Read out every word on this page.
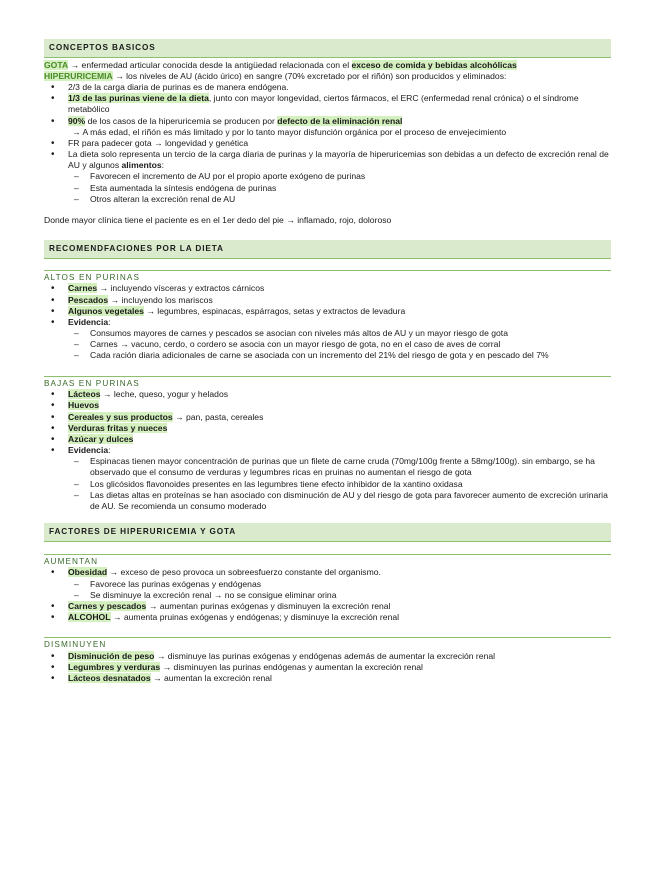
CONCEPTOS BASICOS

GOTA → enfermedad articular conocida desde la antigüedad relacionada con el exceso de comida y bebidas alcohólicas

HIPERURICEMIA → los niveles de AU (ácido úrico) en sangre (70% excretado por el riñón) son producidos y eliminados:

• 2/3 de la carga diaria de purinas es de manera endógena.
• 1/3 de las purinas viene de la dieta, junto con mayor longevidad, ciertos fármacos, el ERC (enfermedad renal crónica) o el síndrome metabólico
• 90% de los casos de la hiperuricemia se producen por defecto de la eliminación renal
→ A más edad, el riñón es más limitado y por lo tanto mayor disfunción orgánica por el proceso de envejecimiento
• FR para padecer gota → longevidad y genética
• La dieta solo representa un tercio de la carga diaria de purinas y la mayoría de hiperuricemias son debidas a un defecto de excreción renal de AU y algunos alimentos:
– Favorecen el incremento de AU por el propio aporte exógeno de purinas
– Esta aumentada la síntesis endógena de purinas
– Otros alteran la excreción renal de AU

Donde mayor clínica tiene el paciente es en el 1er dedo del pie → inflamado, rojo, doloroso

RECOMENDFACIONES POR LA DIETA
ALTOS EN PURINAS
• Carnes → incluyendo vísceras y extractos cárnicos
• Pescados → incluyendo los mariscos
• Algunos vegetales → legumbres, espinacas, espárragos, setas y extractos de levadura
• Evidencia:
– Consumos mayores de carnes y pescados se asocian con niveles más altos de AU y un mayor riesgo de gota
– Carnes → vacuno, cerdo, o cordero se asocia con un mayor riesgo de gota, no en el caso de aves de corral
– Cada ración diaria adicionales de carne se asociada con un incremento del 21% del riesgo de gota y en pescado del 7%
BAJAS EN PURINAS
• Lácteos → leche, queso, yogur y helados
• Huevos
• Cereales y sus productos → pan, pasta, cereales
• Verduras fritas y nueces
• Azúcar y dulces
• Evidencia:
– Espinacas tienen mayor concentración de purinas que un filete de carne cruda (70mg/100g frente a 58mg/100g). sin embargo, se ha observado que el consumo de verduras y legumbres ricas en pruinas no aumentan el riesgo de gota
– Los glicósidos flavonoides presentes en las legumbres tiene efecto inhibidor de la xantino oxidasa
– Las dietas altas en proteínas se han asociado con disminución de AU y del riesgo de gota para favorecer aumento de excreción urinaria de AU. Se recomienda un consumo moderado
FACTORES DE HIPERURICEMIA Y GOTA
AUMENTAN
• Obesidad → exceso de peso provoca un sobreesfuerzo constante del organismo.
– Favorece las purinas exógenas y endógenas
– Se disminuye la excreción renal → no se consigue eliminar orina
• Carnes y pescados → aumentan purinas exógenas y disminuyen la excreción renal
• ALCOHOL → aumenta pruinas exógenas y endógenas; y disminuye la excreción renal
DISMINUYEN
• Disminución de peso → disminuye las purinas exógenas y endógenas además de aumentar la excreción renal
• Legumbres y verduras → disminuyen las purinas endógenas y aumentan la excreción renal
• Lácteos desnatados → aumentan la excreción renal
